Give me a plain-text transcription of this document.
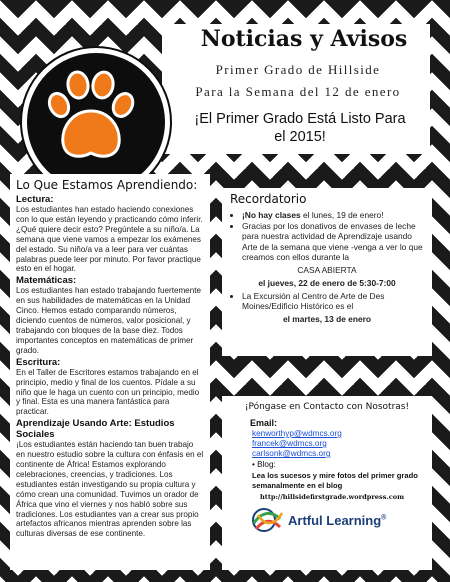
Noticias y Avisos
Primer Grado de Hillside
Para la Semana del 12 de enero
¡El Primer Grado Está Listo Para
el 2015!
Lo Que Estamos Aprendiendo:

Lectura:

Los estudiantes han estado haciendo conexiones con lo que están leyendo y practicando cómo inferir. ¿Qué quiere decir esto? Pregúntele a su niño/a. La semana que viene vamos a empezar los exámenes del estado. Su niño/a va a leer para ver cuántas palabras puede leer por minuto. Por favor practique esto en el hogar.

Matemáticas:

Los estudiantes han estado trabajando fuertemente en sus habilidades de matemáticas en la Unidad Cinco. Hemos estado comparando números, diciendo cuentos de números, valor posicional, y trabajando con bloques de la base diez. Todos importantes conceptos en matemáticas de primer grado.

Escritura:

En el Taller de Escritores estamos trabajando en el principio, medio y final de los cuentos. Pídale a su niño que le haga un cuento con un principio, medio y final. Esta es una manera fantástica para practicar.

Aprendizaje Usando Arte: Estudios Sociales

¡Los estudiantes están haciendo tan buen trabajo en nuestro estudio sobre la cultura con énfasis en el continente de África! Estamos explorando celebraciones, creencias, y tradiciones. Los estudiantes están investigando su propia cultura y cómo crean una comunidad. Tuvimos un orador de África que vino el viernes y nos habló sobre sus tradiciones. Los estudiantes van a crear sus propio artefactos africanos mientras aprenden sobre las culturas diversas de ese continente.

Recordatorio
• ¡No hay clases el lunes, 19 de enero!
• Gracias por los donativos de envases de leche para nuestra actividad de Aprendizaje usando Arte de la semana que viene -venga a ver lo que creamos con ellos durante la
CASA ABIERTA
el jueves, 22 de enero de 5:30-7:00
• La Excursión al Centro de Arte de Des Moines/Edificio Histórico es el
el martes, 13 de enero
¡Póngase en Contacto con Nosotras!
Email:
kenworthyp@wdmcs.org
francek@wdmcs.org
carlsonk@wdmcs.org
• Blog:
Lea los sucesos y mire fotos del primer grado semanalmente en el blog
http://hillsidefirstgrade.wordpress.com
Artful Learning®
